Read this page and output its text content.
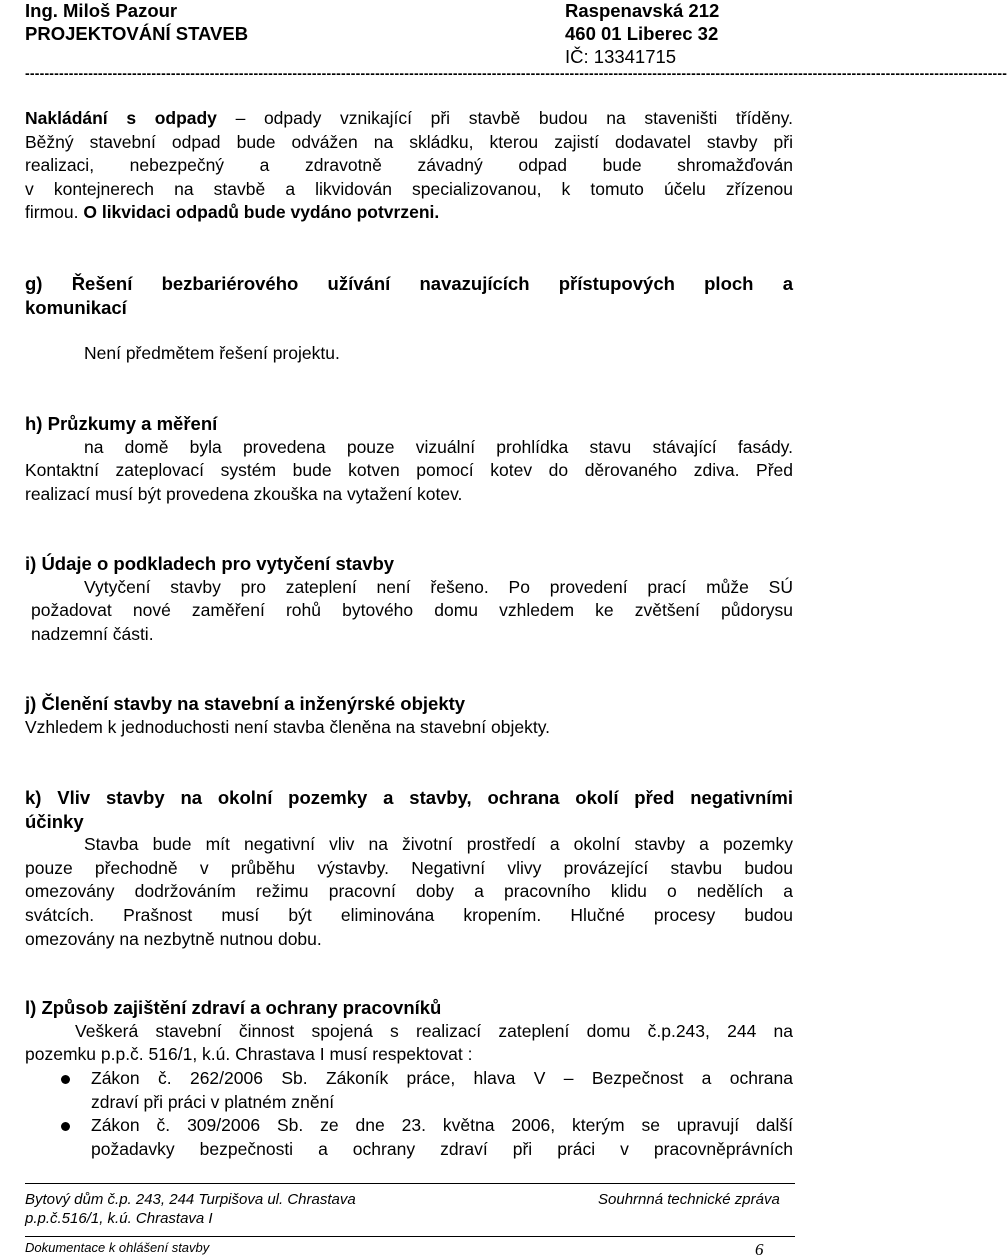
Ing. Miloš Pazour
PROJEKTOVÁNÍ STAVEB
Raspenavská 212
460 01 Liberec 32
IČ: 13341715
----------------------------------------------------------------------------------------------------------------------------------------------------------------------------------------------------------
Nakládání s odpady – odpady vznikající při stavbě budou na staveništi tříděny.
Běžný stavební odpad bude odvážen na skládku, kterou zajistí dodavatel stavby při
realizaci, nebezpečný a zdravotně závadný odpad bude shromažďován
v kontejnerech na stavbě a likvidován specializovanou, k tomuto účelu zřízenou
firmou. O likvidaci odpadů bude vydáno potvrzeni.
g) Řešení bezbariérového užívání navazujících přístupových ploch a
komunikací
Není předmětem řešení projektu.
h) Průzkumy a měření
na domě byla provedena pouze vizuální prohlídka stavu stávající fasády.
Kontaktní zateplovací systém bude kotven pomocí kotev do děrovaného zdiva. Před
realizací musí být provedena zkouška na vytažení kotev.
i) Údaje o podkladech pro vytyčení stavby
Vytyčení stavby pro zateplení není řešeno. Po provedení prací může SÚ
požadovat nové zaměření rohů bytového domu vzhledem ke zvětšení půdorysu
nadzemní části.
j) Členění stavby na stavební a inženýrské objekty
Vzhledem k jednoduchosti není stavba členěna na stavební objekty.
k) Vliv stavby na okolní pozemky a stavby, ochrana okolí před negativními
účinky
Stavba bude mít negativní vliv na životní prostředí a okolní stavby a pozemky
pouze přechodně v průběhu výstavby. Negativní vlivy provázející stavbu budou
omezovány dodržováním režimu pracovní doby a pracovního klidu o nedělích a
svátcích. Prašnost musí být eliminována kropením. Hlučné procesy budou
omezovány na nezbytně nutnou dobu.
l) Způsob zajištění zdraví a ochrany pracovníků
Veškerá stavební činnost spojená s realizací zateplení domu č.p.243, 244 na
pozemku p.p.č. 516/1, k.ú. Chrastava I musí respektovat :
Zákon č. 262/2006 Sb. Zákoník práce, hlava V – Bezpečnost a ochrana
zdraví při práci v platném znění
Zákon č. 309/2006 Sb. ze dne 23. května 2006, kterým se upravují další
požadavky bezpečnosti a ochrany zdraví při práci v pracovněprávních
Bytový dům č.p. 243, 244 Turpišova ul. Chrastava
p.p.č.516/1, k.ú. Chrastava I
Souhrnná technické zpráva
Dokumentace k ohlášení stavby	6
